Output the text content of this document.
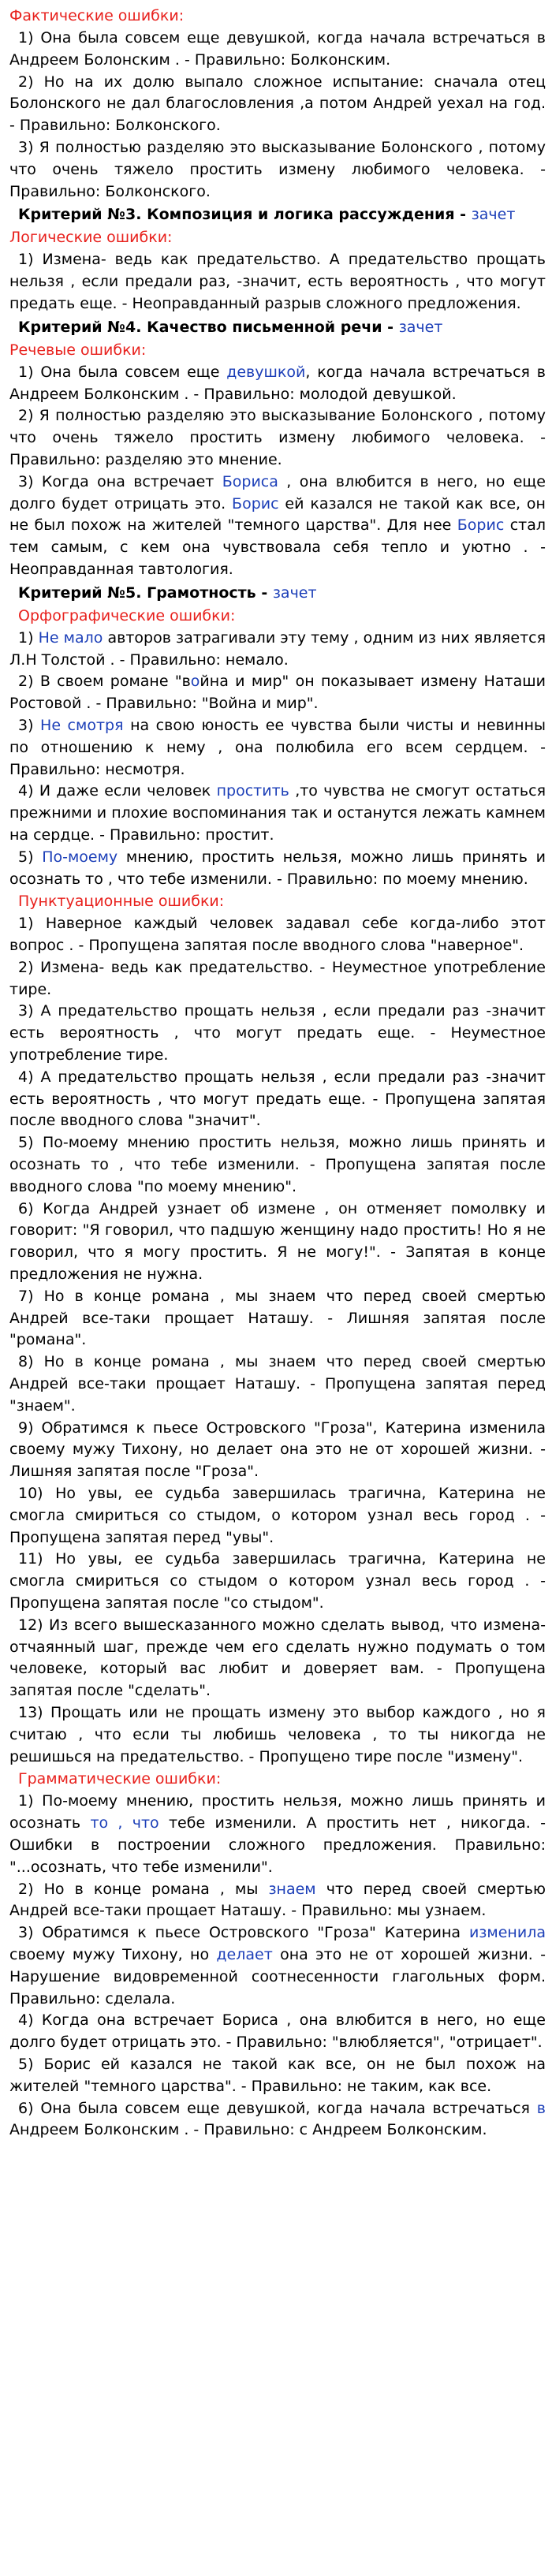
Фактические ошибки:

1) Она была совсем еще девушкой, когда начала встречаться в Андреем Болонским . - Правильно: Болконским.

2) Но на их долю выпало сложное испытание: сначала отец Болонского не дал благословления ,а потом Андрей уехал на год. - Правильно: Болконского.

3) Я полностью разделяю это высказывание Болонского , потому что очень тяжело простить измену любимого человека. - Правильно: Болконского.

Критерий №3. Композиция и логика рассуждения - зачет

Логические ошибки:

1) Измена- ведь как предательство. А предательство прощать нельзя , если предали раз, -значит, есть вероятность , что могут предать еще. - Неоправданный разрыв сложного предложения.

Критерий №4. Качество письменной речи - зачет

Речевые ошибки:

1) Она была совсем еще девушкой, когда начала встречаться в Андреем Болконским . - Правильно: молодой девушкой.

2) Я полностью разделяю это высказывание Болонского , потому что очень тяжело простить измену любимого человека. - Правильно: разделяю это мнение.

3) Когда она встречает Бориса , она влюбится в него, но еще долго будет отрицать это. Борис ей казался не такой как все, он не был похож на жителей "темного царства". Для нее Борис стал тем самым, с кем она чувствовала себя тепло и уютно . - Неоправданная тавтология.

Критерий №5. Грамотность - зачет

Орфографические ошибки:

1) Не мало авторов затрагивали эту тему , одним из них является Л.Н Толстой . - Правильно: немало.

2) В своем романе "война и мир" он показывает измену Наташи Ростовой . - Правильно: "Война и мир".

3) Не смотря на свою юность ее чувства были чисты и невинны по отношению к нему , она полюбила его всем сердцем. - Правильно: несмотря.

4) И даже если человек простить ,то чувства не смогут остаться прежними и плохие воспоминания так и останутся лежать камнем на сердце. - Правильно: простит.

5) По-моему мнению, простить нельзя, можно лишь принять и осознать то , что тебе изменили. - Правильно: по моему мнению.

Пунктуационные ошибки:

1) Наверное каждый человек задавал себе когда-либо этот вопрос . - Пропущена запятая после вводного слова "наверное".

2) Измена- ведь как предательство. - Неуместное употребление тире.

3) А предательство прощать нельзя , если предали раз -значит есть вероятность , что могут предать еще. - Неуместное употребление тире.

4) А предательство прощать нельзя , если предали раз -значит есть вероятность , что могут предать еще. - Пропущена запятая после вводного слова "значит".

5) По-моему мнению простить нельзя, можно лишь принять и осознать то , что тебе изменили. - Пропущена запятая после вводного слова "по моему мнению".

6) Когда Андрей узнает об измене , он отменяет помолвку и говорит: "Я говорил, что падшую женщину надо простить! Но я не говорил, что я могу простить. Я не могу!". - Запятая в конце предложения не нужна.

7) Но в конце романа , мы знаем что перед своей смертью Андрей все-таки прощает Наташу. - Лишняя запятая после "романа".

8) Но в конце романа , мы знаем что перед своей смертью Андрей все-таки прощает Наташу. - Пропущена запятая перед "знаем".

9) Обратимся к пьесе Островского "Гроза", Катерина изменила своему мужу Тихону, но делает она это не от хорошей жизни. - Лишняя запятая после "Гроза".

10) Но увы, ее судьба завершилась трагична, Катерина не смогла смириться со стыдом, о котором узнал весь город . - Пропущена запятая перед "увы".

11) Но увы, ее судьба завершилась трагична, Катерина не смогла смириться со стыдом о котором узнал весь город . - Пропущена запятая после "со стыдом".

12) Из всего вышесказанного можно сделать вывод, что измена- отчаянный шаг, прежде чем его сделать нужно подумать о том человеке, который вас любит и доверяет вам. - Пропущена запятая после "сделать".

13) Прощать или не прощать измену это выбор каждого , но я считаю , что если ты любишь человека , то ты никогда не решишься на предательство. - Пропущено тире после "измену".

Грамматические ошибки:

1) По-моему мнению, простить нельзя, можно лишь принять и осознать то , что тебе изменили. А простить нет , никогда. - Ошибки в построении сложного предложения. Правильно: "...осознать, что тебе изменили".

2) Но в конце романа , мы знаем что перед своей смертью Андрей все-таки прощает Наташу. - Правильно: мы узнаем.

3) Обратимся к пьесе Островского "Гроза" Катерина изменила своему мужу Тихону, но делает она это не от хорошей жизни. - Нарушение видовременной соотнесенности глагольных форм. Правильно: сделала.

4) Когда она встречает Бориса , она влюбится в него, но еще долго будет отрицать это. - Правильно: "влюбляется", "отрицает".

5) Борис ей казался не такой как все, он не был похож на жителей "темного царства". - Правильно: не таким, как все.

6) Она была совсем еще девушкой, когда начала встречаться в Андреем Болконским . - Правильно: с Андреем Болконским.
